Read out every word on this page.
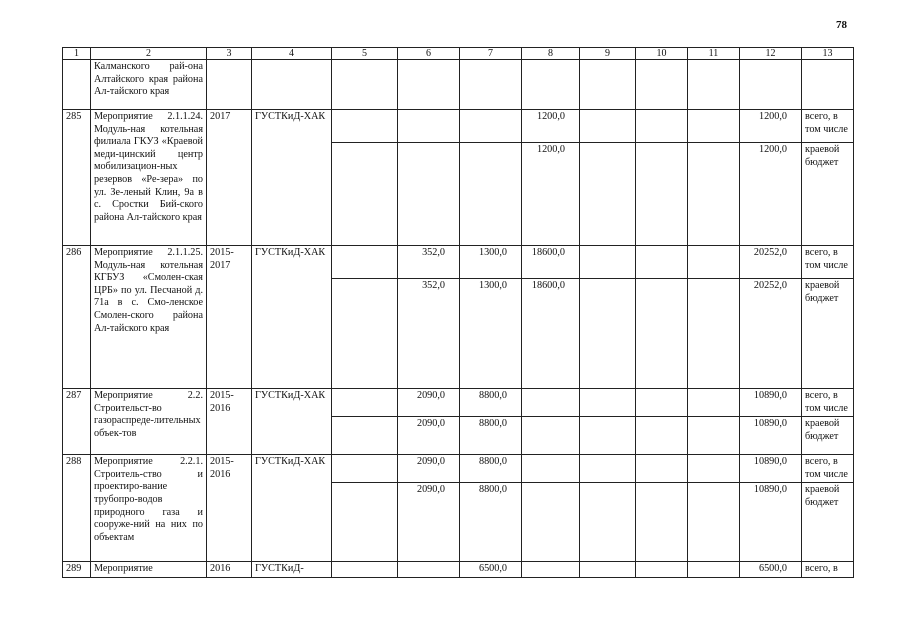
78
1	2	3	4	5	6	7	8	9	10	11	12	13
	Калманского рай-она Алтайского края района Ал-тайского края											
285	Мероприятие 2.1.1.24. Модуль-ная котельная филиала ГКУЗ «Краевой меди-цинский центр мобилизацион-ных резервов «Ре-зера» по ул. Зе-леный Клин, 9а в с. Сростки Бий-ского района Ал-тайского края	2017	ГУСТКиД-ХАК				1200,0				1200,0	всего, в том числе
							1200,0				1200,0	краевой бюджет
286	Мероприятие 2.1.1.25. Модуль-ная котельная КГБУЗ «Смолен-ская ЦРБ» по ул. Песчаной д. 71а в с. Смо-ленское Смолен-ского района Ал-тайского края	2015-2017	ГУСТКиД-ХАК		352,0	1300,0	18600,0				20252,0	всего, в том числе
					352,0	1300,0	18600,0				20252,0	краевой бюджет
287	Мероприятие 2.2. Строительст-во газораспреде-лительных объек-тов	2015-2016	ГУСТКиД-ХАК		2090,0	8800,0					10890,0	всего, в том числе
					2090,0	8800,0					10890,0	краевой бюджет
288	Мероприятие 2.2.1. Строитель-ство и проектиро-вание трубопро-водов природного газа и сооруже-ний на них по объектам	2015-2016	ГУСТКиД-ХАК		2090,0	8800,0					10890,0	всего, в том числе
					2090,0	8800,0					10890,0	краевой бюджет
289	Мероприятие	2016	ГУСТКиД-			6500,0					6500,0	всего, в
